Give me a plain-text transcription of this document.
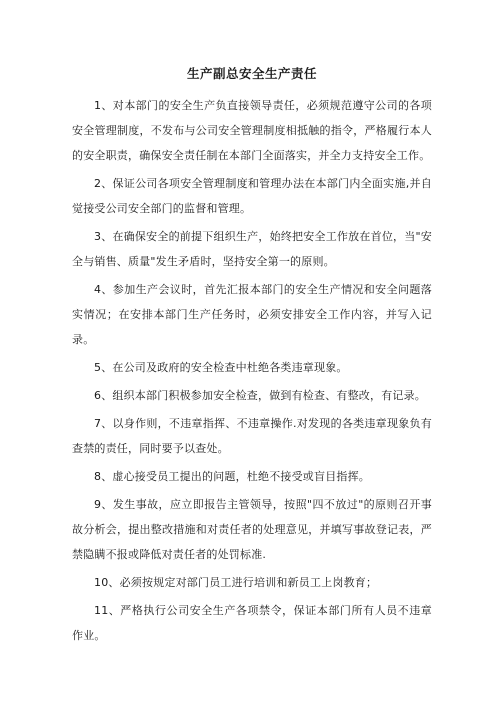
生产副总安全生产责任

1、对本部门的安全生产负直接领导责任，必须规范遵守公司的各项安全管理制度，不发布与公司安全管理制度相抵触的指令，严格履行本人的安全职责，确保安全责任制在本部门全面落实，并全力支持安全工作。

2、保证公司各项安全管理制度和管理办法在本部门内全面实施,并自觉接受公司安全部门的监督和管理。

3、在确保安全的前提下组织生产，始终把安全工作放在首位，当"安全与销售、质量"发生矛盾时，坚持安全第一的原则。

4、参加生产会议时，首先汇报本部门的安全生产情况和安全问题落实情况；在安排本部门生产任务时，必须安排安全工作内容，并写入记录。

5、在公司及政府的安全检查中杜绝各类违章现象。

6、组织本部门积极参加安全检查，做到有检查、有整改，有记录。

7、以身作则，不违章指挥、不违章操作.对发现的各类违章现象负有查禁的责任，同时要予以查处。

8、虚心接受员工提出的问题，杜绝不接受或盲目指挥。

9、发生事故，应立即报告主管领导，按照"四不放过"的原则召开事故分析会，提出整改措施和对责任者的处理意见，并填写事故登记表，严禁隐瞒不报或降低对责任者的处罚标准.

10、必须按规定对部门员工进行培训和新员工上岗教育；

11、严格执行公司安全生产各项禁令，保证本部门所有人员不违章作业。
